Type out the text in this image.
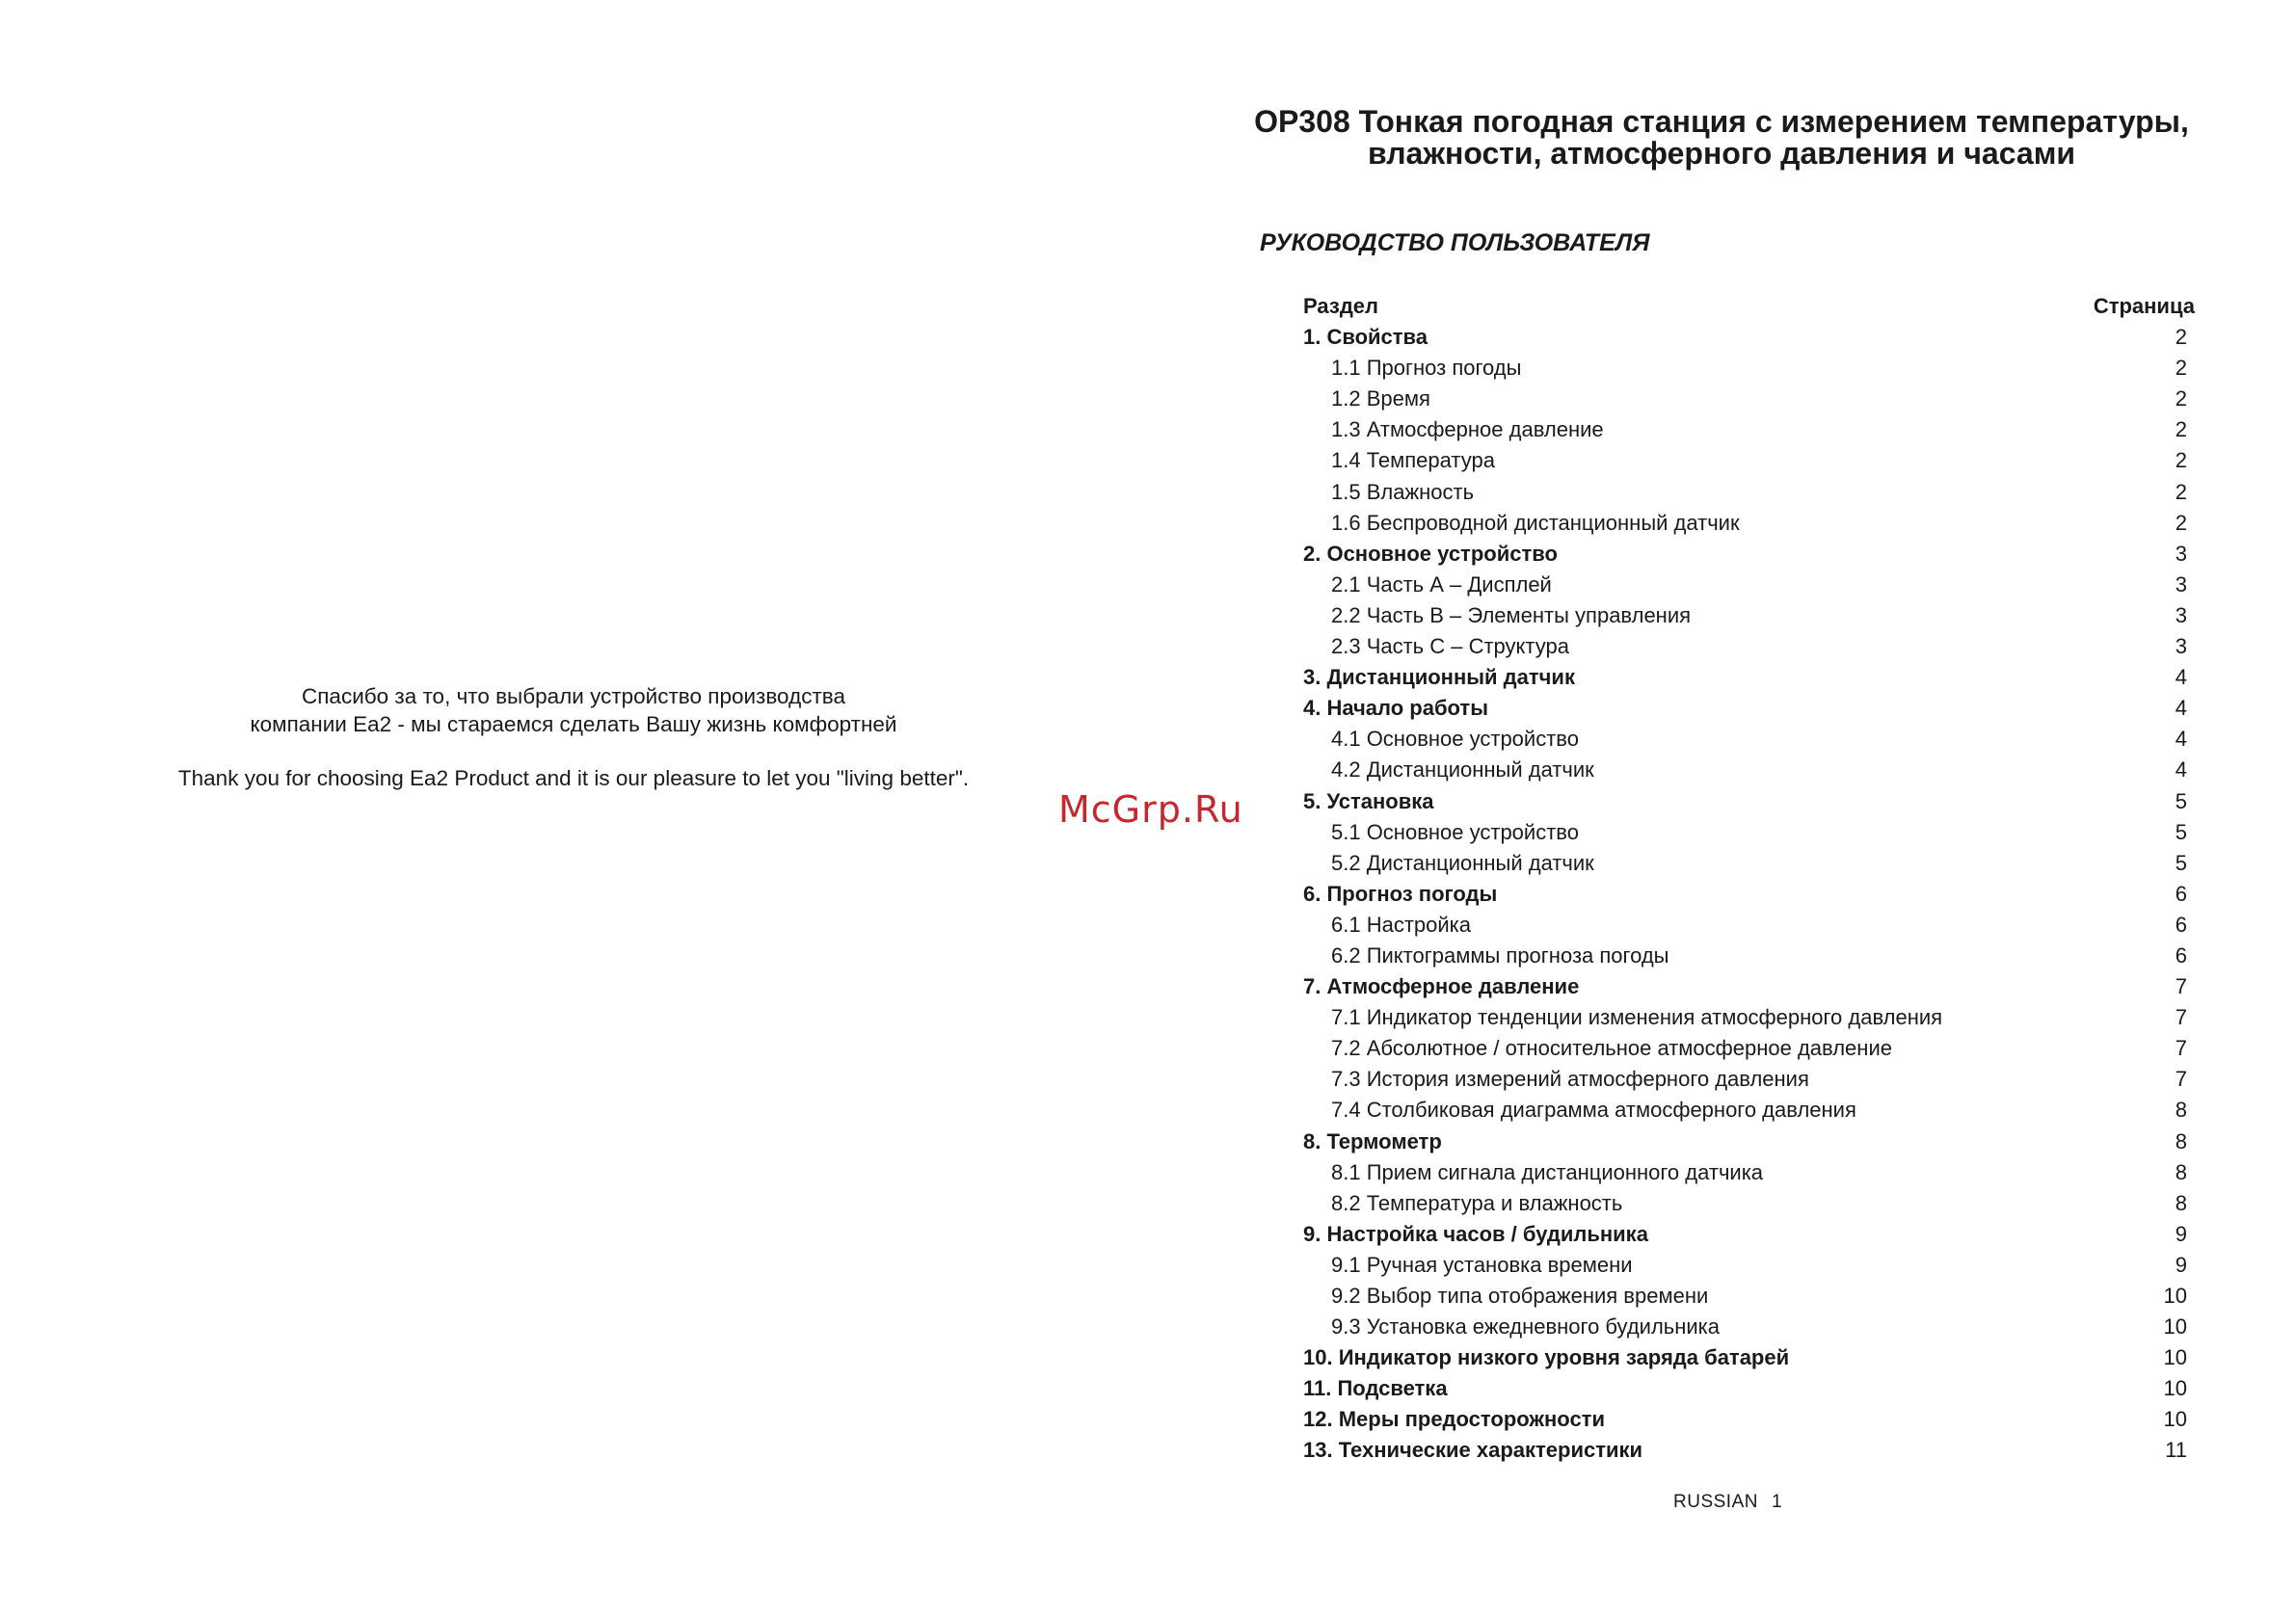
Спасибо за то, что выбрали устройство производства
компании Ea2 - мы стараемся сделать Вашу жизнь комфортней
Thank you for choosing Ea2 Product and it is our pleasure to let you "living better".
McGrp.Ru
OP308 Тонкая погодная станция с измерением температуры,
влажности, атмосферного давления и часами
РУКОВОДСТВО ПОЛЬЗОВАТЕЛЯ
Раздел	Страница
1. Свойства	2
1.1 Прогноз погоды	2
1.2 Время	2
1.3 Атмосферное давление	2
1.4 Температура	2
1.5 Влажность	2
1.6 Беспроводной дистанционный датчик	2
2. Основное устройство	3
2.1 Часть А – Дисплей	3
2.2 Часть В – Элементы управления	3
2.3 Часть С – Структура	3
3. Дистанционный датчик	4
4. Начало работы	4
4.1 Основное устройство	4
4.2 Дистанционный датчик	4
5. Установка	5
5.1 Основное устройство	5
5.2 Дистанционный датчик	5
6. Прогноз погоды	6
6.1 Настройка	6
6.2 Пиктограммы прогноза погоды	6
7. Атмосферное давление	7
7.1 Индикатор тенденции изменения атмосферного давления	7
7.2 Абсолютное / относительное атмосферное давление	7
7.3 История измерений атмосферного давления	7
7.4 Столбиковая диаграмма атмосферного давления	8
8. Термометр	8
8.1 Прием сигнала дистанционного датчика	8
8.2 Температура и влажность	8
9. Настройка часов / будильника	9
9.1 Ручная установка времени	9
9.2 Выбор типа отображения времени	10
9.3 Установка ежедневного будильника	10
10. Индикатор низкого уровня заряда батарей	10
11. Подсветка	10
12. Меры предосторожности	10
13. Технические характеристики	11
RUSSIAN 1
